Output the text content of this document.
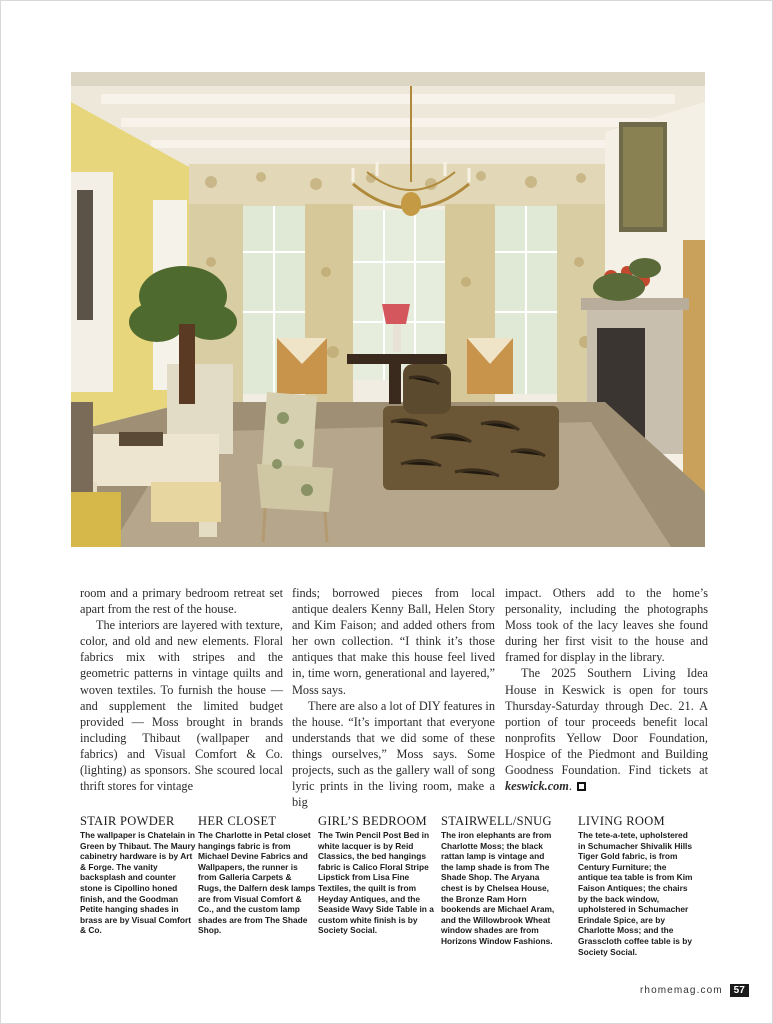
room and a primary bedroom retreat set apart from the rest of the house.

The interiors are layered with texture, color, and old and new elements. Floral fabrics mix with stripes and the geometric patterns in vintage quilts and woven textiles. To furnish the house — and supplement the limited budget provided — Moss brought in brands including Thibaut (wallpaper and fabrics) and Visual Comfort & Co. (lighting) as sponsors. She scoured local thrift stores for vintage

finds; borrowed pieces from local antique dealers Kenny Ball, Helen Story and Kim Faison; and added others from her own collection. “I think it’s those antiques that make this house feel lived in, time worn, generational and layered,” Moss says.

There are also a lot of DIY features in the house. “It’s important that everyone understands that we did some of these things ourselves,” Moss says. Some projects, such as the gallery wall of song lyric prints in the living room, make a big

impact. Others add to the home’s personality, including the photographs Moss took of the lacy leaves she found during her first visit to the house and framed for display in the library.

The 2025 Southern Living Idea House in Keswick is open for tours Thursday-Saturday through Dec. 21. A portion of tour proceeds benefit local nonprofits Yellow Door Foundation, Hospice of the Piedmont and Building Goodness Foundation. Find tickets at keswick.com.

STAIR POWDER

The wallpaper is Chatelain in Green by Thibaut. The Maury cabinetry hardware is by Art & Forge. The vanity backsplash and counter stone is Cipollino honed finish, and the Goodman Petite hanging shades in brass are by Visual Comfort & Co.

HER CLOSET

The Charlotte in Petal closet hangings fabric is from Michael Devine Fabrics and Wallpapers, the runner is from Galleria Carpets & Rugs, the Dalfern desk lamps are from Visual Comfort & Co., and the custom lamp shades are from The Shade Shop.

GIRL’S BEDROOM

The Twin Pencil Post Bed in white lacquer is by Reid Classics, the bed hangings fabric is Calico Floral Stripe Lipstick from Lisa Fine Textiles, the quilt is from Heyday Antiques, and the Seaside Wavy Side Table in a custom white finish is by Society Social.

STAIRWELL/SNUG

The iron elephants are from Charlotte Moss; the black rattan lamp is vintage and the lamp shade is from The Shade Shop. The Aryana chest is by Chelsea House, the Bronze Ram Horn bookends are Michael Aram, and the Willowbrook Wheat window shades are from Horizons Window Fashions.

LIVING ROOM

The tete-a-tete, upholstered in Schumacher Shivalik Hills Tiger Gold fabric, is from Century Furniture; the antique tea table is from Kim Faison Antiques; the chairs by the back window, upholstered in Schumacher Erindale Spice, are by Charlotte Moss; and the Grasscloth coffee table is by Society Social.

rhomemag.com	57
